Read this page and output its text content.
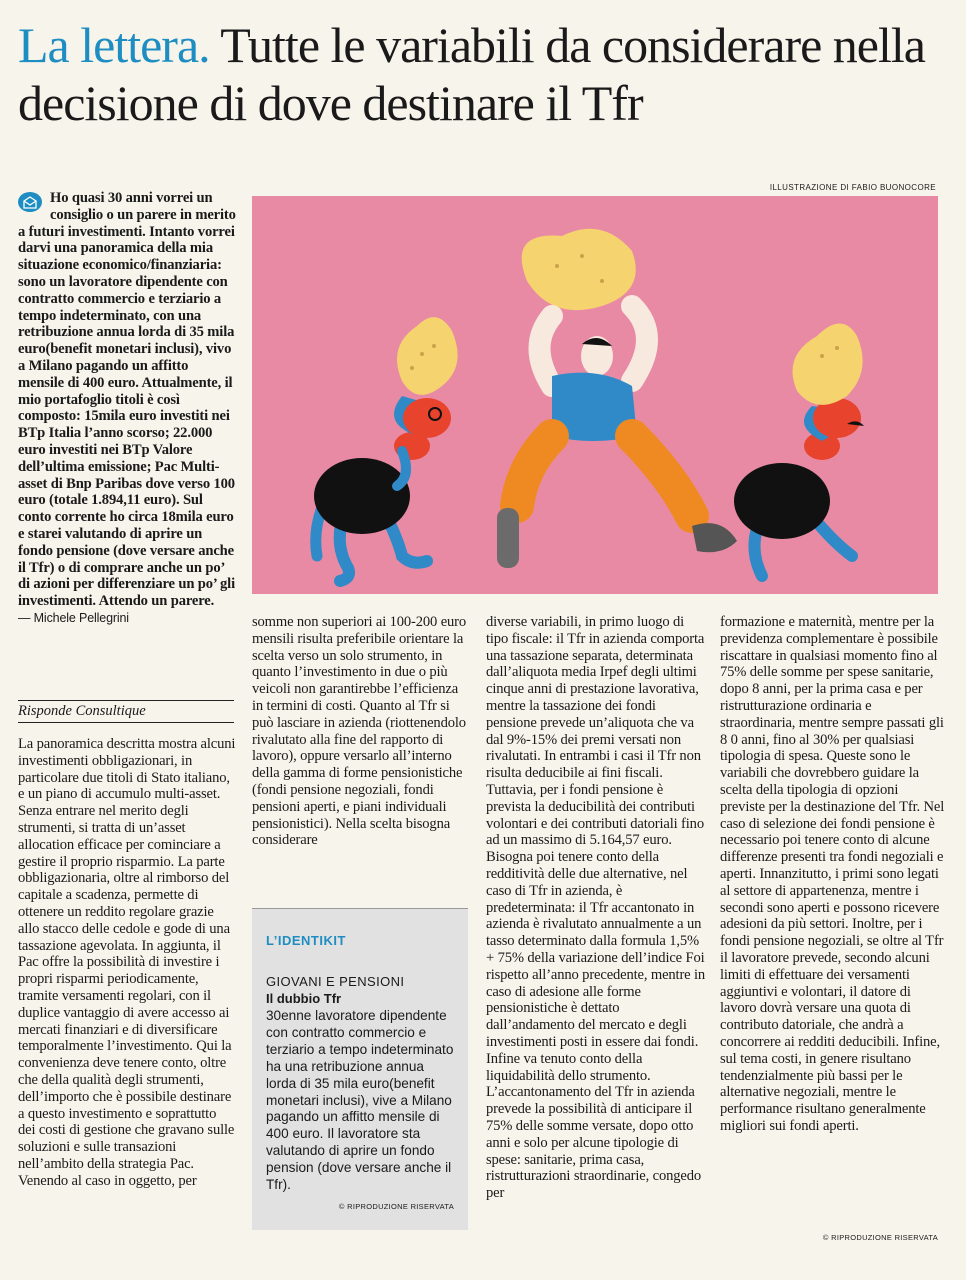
La lettera. Tutte le variabili da considerare nella decisione di dove destinare il Tfr
ILLUSTRAZIONE DI FABIO BUONOCORE

Ho quasi 30 anni vorrei un consiglio o un parere in merito a futuri investimenti. Intanto vorrei darvi una panoramica della mia situazione economico/finanziaria: sono un lavoratore dipendente con contratto commercio e terziario a tempo indeterminato, con una retribuzione annua lorda di 35 mila euro(benefit monetari inclusi), vivo a Milano pagando un affitto mensile di 400 euro. Attualmente, il mio portafoglio titoli è così composto: 15mila euro investiti nei BTp Italia l’anno scorso; 22.000 euro investiti nei BTp Valore dell’ultima emissione; Pac Multi-asset di Bnp Paribas dove verso 100 euro (totale 1.894,11 euro). Sul conto corrente ho circa 18mila euro e starei valutando di aprire un fondo pensione (dove versare anche il Tfr) o di comprare anche un po’ di azioni per differenziare un po’ gli investimenti. Attendo un parere.

— Michele Pellegrini

Risponde Consultique

La panoramica descritta mostra alcuni investimenti obbligazionari, in particolare due titoli di Stato italiano, e un piano di accumulo multi-asset. Senza entrare nel merito degli strumenti, si tratta di un’asset allocation efficace per cominciare a gestire il proprio risparmio. La parte obbligazionaria, oltre al rimborso del capitale a scadenza, permette di ottenere un reddito regolare grazie allo stacco delle cedole e gode di una tassazione agevolata. In aggiunta, il Pac offre la possibilità di investire i propri risparmi periodicamente, tramite versamenti regolari, con il duplice vantaggio di avere accesso ai mercati finanziari e di diversificare temporalmente l’investimento. Qui la convenienza deve tenere conto, oltre che della qualità degli strumenti, dell’importo che è possibile destinare a questo investimento e soprattutto dei costi di gestione che gravano sulle soluzioni e sulle transazioni nell’ambito della strategia Pac. Venendo al caso in oggetto, per

somme non superiori ai 100-200 euro mensili risulta preferibile orientare la scelta verso un solo strumento, in quanto l’investimento in due o più veicoli non garantirebbe l’efficienza in termini di costi. Quanto al Tfr si può lasciare in azienda (riottenendolo rivalutato alla fine del rapporto di lavoro), oppure versarlo all’interno della gamma di forme pensionistiche (fondi pensione negoziali, fondi pensioni aperti, e piani individuali pensionistici). Nella scelta bisogna considerare

L’IDENTIKIT
GIOVANI E PENSIONI
Il dubbio Tfr
30enne lavoratore dipendente con contratto commercio e terziario a tempo indeterminato ha una retribuzione annua lorda di 35 mila euro(benefit monetari inclusi), vive a Milano pagando un affitto mensile di 400 euro. Il lavoratore sta valutando di aprire un fondo pension (dove versare anche il Tfr).
© RIPRODUZIONE RISERVATA

diverse variabili, in primo luogo di tipo fiscale: il Tfr in azienda comporta una tassazione separata, determinata dall’aliquota media Irpef degli ultimi cinque anni di prestazione lavorativa, mentre la tassazione dei fondi pensione prevede un’aliquota che va dal 9%-15% dei premi versati non rivalutati. In entrambi i casi il Tfr non risulta deducibile ai fini fiscali. Tuttavia, per i fondi pensione è prevista la deducibilità dei contributi volontari e dei contributi datoriali fino ad un massimo di 5.164,57 euro. Bisogna poi tenere conto della redditività delle due alternative, nel caso di Tfr in azienda, è predeterminata: il Tfr accantonato in azienda è rivalutato annualmente a un tasso determinato dalla formula 1,5% + 75% della variazione dell’indice Foi rispetto all’anno precedente, mentre in caso di adesione alle forme pensionistiche è dettato dall’andamento del mercato e degli investimenti posti in essere dai fondi. Infine va tenuto conto della liquidabilità dello strumento. L’accantonamento del Tfr in azienda prevede la possibilità di anticipare il 75% delle somme versate, dopo otto anni e solo per alcune tipologie di spese: sanitarie, prima casa, ristrutturazioni straordinarie, congedo per

formazione e maternità, mentre per la previdenza complementare è possibile riscattare in qualsiasi momento fino al 75% delle somme per spese sanitarie, dopo 8 anni, per la prima casa e per ristrutturazione ordinaria e straordinaria, mentre sempre passati gli 8 0 anni, fino al 30% per qualsiasi tipologia di spesa. Queste sono le variabili che dovrebbero guidare la scelta della tipologia di opzioni previste per la destinazione del Tfr. Nel caso di selezione dei fondi pensione è necessario poi tenere conto di alcune differenze presenti tra fondi negoziali e aperti. Innanzitutto, i primi sono legati al settore di appartenenza, mentre i secondi sono aperti e possono ricevere adesioni da più settori. Inoltre, per i fondi pensione negoziali, se oltre al Tfr il lavoratore prevede, secondo alcuni limiti di effettuare dei versamenti aggiuntivi e volontari, il datore di lavoro dovrà versare una quota di contributo datoriale, che andrà a concorrere ai redditi deducibili. Infine, sul tema costi, in genere risultano tendenzialmente più bassi per le alternative negoziali, mentre le performance risultano generalmente migliori sui fondi aperti.

© RIPRODUZIONE RISERVATA
